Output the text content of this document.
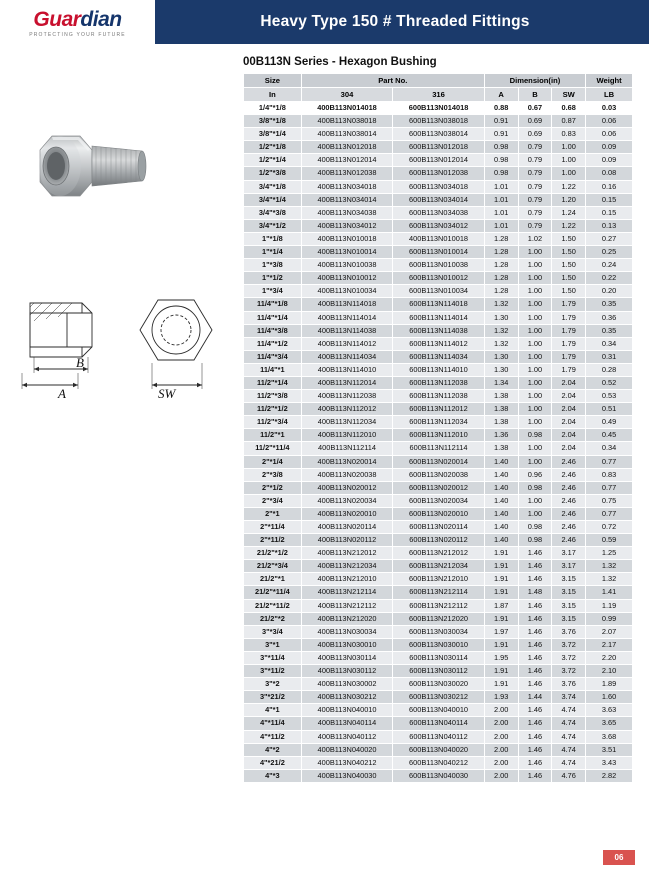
Guardian
PROTECTING YOUR FUTURE
Heavy Type 150 # Threaded Fittings
00B113N Series - Hexagon Bushing
B
A	SW
Size	Part No.		Dimension(in)			Weight
In	304	316	A	B	SW	LB
1/4"*1/8	400B113N014018	600B113N014018	0.88	0.67	0.68	0.03
3/8"*1/8	400B113N038018	600B113N038018	0.91	0.69	0.87	0.06
3/8"*1/4	400B113N038014	600B113N038014	0.91	0.69	0.83	0.06
1/2"*1/8	400B113N012018	600B113N012018	0.98	0.79	1.00	0.09
1/2"*1/4	400B113N012014	600B113N012014	0.98	0.79	1.00	0.09
1/2"*3/8	400B113N012038	600B113N012038	0.98	0.79	1.00	0.08
3/4"*1/8	400B113N034018	600B113N034018	1.01	0.79	1.22	0.16
3/4"*1/4	400B113N034014	600B113N034014	1.01	0.79	1.20	0.15
3/4"*3/8	400B113N034038	600B113N034038	1.01	0.79	1.24	0.15
3/4"*1/2	400B113N034012	600B113N034012	1.01	0.79	1.22	0.13
1"*1/8	400B113N010018	400B113N010018	1.28	1.02	1.50	0.27
1"*1/4	400B113N010014	600B113N010014	1.28	1.00	1.50	0.25
1"*3/8	400B113N010038	600B113N010038	1.28	1.00	1.50	0.24
1"*1/2	400B113N010012	600B113N010012	1.28	1.00	1.50	0.22
1"*3/4	400B113N010034	600B113N010034	1.28	1.00	1.50	0.20
11/4"*1/8	400B113N114018	600B113N114018	1.32	1.00	1.79	0.35
11/4"*1/4	400B113N114014	600B113N114014	1.30	1.00	1.79	0.36
11/4"*3/8	400B113N114038	600B113N114038	1.32	1.00	1.79	0.35
11/4"*1/2	400B113N114012	600B113N114012	1.32	1.00	1.79	0.34
11/4"*3/4	400B113N114034	600B113N114034	1.30	1.00	1.79	0.31
11/4"*1	400B113N114010	600B113N114010	1.30	1.00	1.79	0.28
11/2"*1/4	400B113N112014	600B113N112038	1.34	1.00	2.04	0.52
11/2"*3/8	400B113N112038	600B113N112038	1.38	1.00	2.04	0.53
11/2"*1/2	400B113N112012	600B113N112012	1.38	1.00	2.04	0.51
11/2"*3/4	400B113N112034	600B113N112034	1.38	1.00	2.04	0.49
11/2"*1	400B113N112010	600B113N112010	1.36	0.98	2.04	0.45
11/2"*11/4	400B113N112114	600B113N112114	1.38	1.00	2.04	0.34
2"*1/4	400B113N020014	600B113N020014	1.40	1.00	2.46	0.77
2"*3/8	400B113N020038	600B113N020038	1.40	0.96	2.46	0.83
2"*1/2	400B113N020012	600B113N020012	1.40	0.98	2.46	0.77
2"*3/4	400B113N020034	600B113N020034	1.40	1.00	2.46	0.75
2"*1	400B113N020010	600B113N020010	1.40	1.00	2.46	0.77
2"*11/4	400B113N020114	600B113N020114	1.40	0.98	2.46	0.72
2"*11/2	400B113N020112	600B113N020112	1.40	0.98	2.46	0.59
21/2"*1/2	400B113N212012	600B113N212012	1.91	1.46	3.17	1.25
21/2"*3/4	400B113N212034	600B113N212034	1.91	1.46	3.17	1.32
21/2"*1	400B113N212010	600B113N212010	1.91	1.46	3.15	1.32
21/2"*11/4	400B113N212114	600B113N212114	1.91	1.48	3.15	1.41
21/2"*11/2	400B113N212112	600B113N212112	1.87	1.46	3.15	1.19
21/2"*2	400B113N212020	600B113N212020	1.91	1.46	3.15	0.99
3"*3/4	400B113N030034	600B113N030034	1.97	1.46	3.76	2.07
3"*1	400B113N030010	600B113N030010	1.91	1.46	3.72	2.17
3"*11/4	400B113N030114	600B113N030114	1.95	1.46	3.72	2.20
3"*11/2	400B113N030112	600B113N030112	1.91	1.46	3.72	2.10
3"*2	400B113N030002	600B113N030020	1.91	1.46	3.76	1.89
3"*21/2	400B113N030212	600B113N030212	1.93	1.44	3.74	1.60
4"*1	400B113N040010	600B113N040010	2.00	1.46	4.74	3.63
4"*11/4	400B113N040114	600B113N040114	2.00	1.46	4.74	3.65
4"*11/2	400B113N040112	600B113N040112	2.00	1.46	4.74	3.68
4"*2	400B113N040020	600B113N040020	2.00	1.46	4.74	3.51
4"*21/2	400B113N040212	600B113N040212	2.00	1.46	4.74	3.43
4"*3	400B113N040030	600B113N040030	2.00	1.46	4.76	2.82
06
